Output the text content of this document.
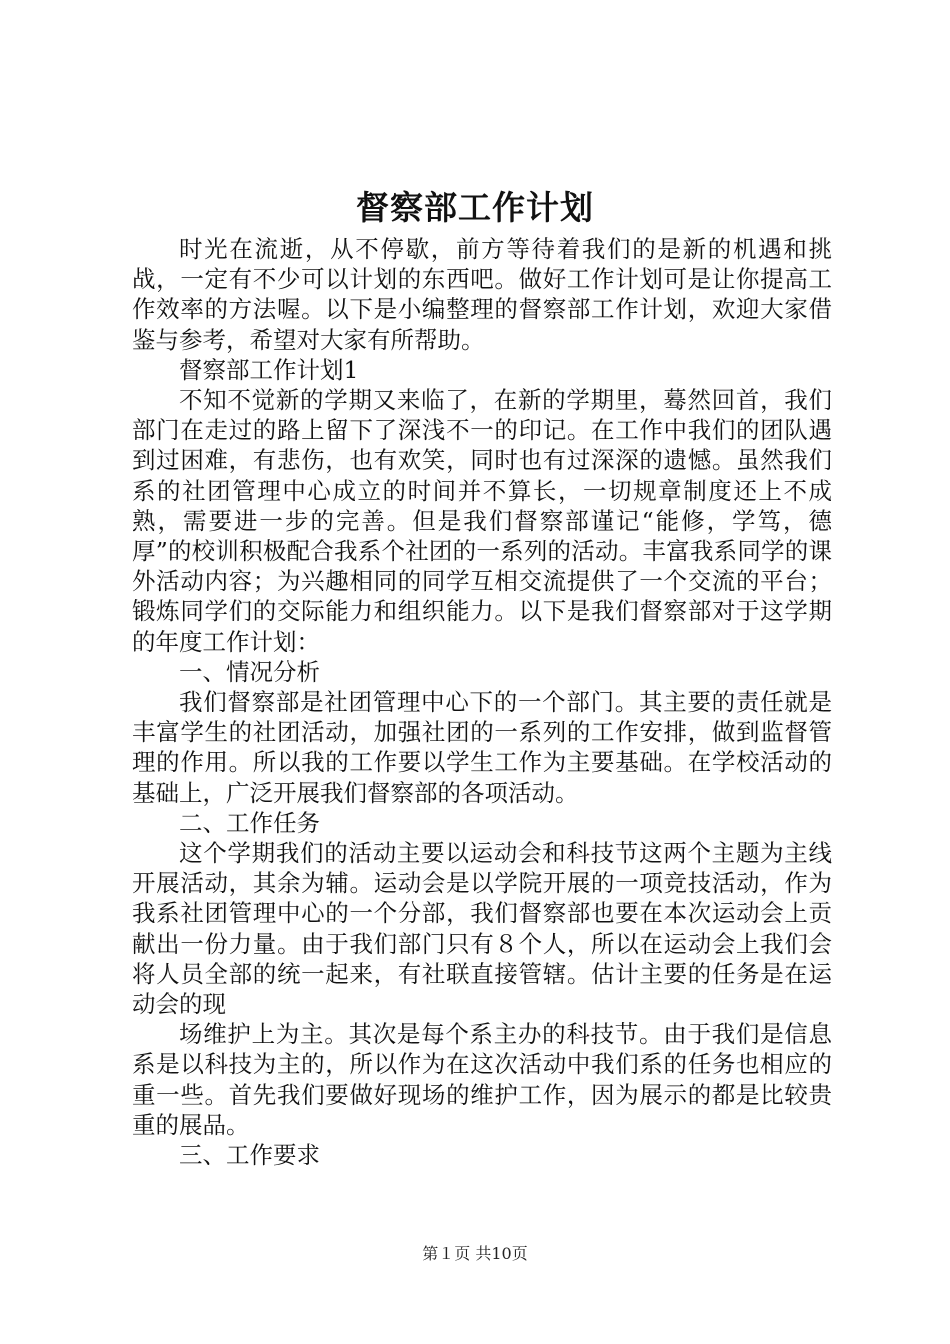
督察部工作计划

时光在流逝，从不停歇，前方等待着我们的是新的机遇和挑战，一定有不少可以计划的东西吧。做好工作计划可是让你提高工作效率的方法喔。以下是小编整理的督察部工作计划，欢迎大家借鉴与参考，希望对大家有所帮助。

督察部工作计划1

不知不觉新的学期又来临了，在新的学期里，蓦然回首，我们部门在走过的路上留下了深浅不一的印记。在工作中我们的团队遇到过困难，有悲伤，也有欢笑，同时也有过深深的遗憾。虽然我们系的社团管理中心成立的时间并不算长，一切规章制度还上不成熟，需要进一步的完善。但是我们督察部谨记“能修，学笃，德厚”的校训积极配合我系个社团的一系列的活动。丰富我系同学的课外活动内容；为兴趣相同的同学互相交流提供了一个交流的平台；锻炼同学们的交际能力和组织能力。以下是我们督察部对于这学期的年度工作计划：

一、情况分析

我们督察部是社团管理中心下的一个部门。其主要的责任就是丰富学生的社团活动，加强社团的一系列的工作安排，做到监督管理的作用。所以我的工作要以学生工作为主要基础。在学校活动的基础上，广泛开展我们督察部的各项活动。

二、工作任务

这个学期我们的活动主要以运动会和科技节这两个主题为主线开展活动，其余为辅。运动会是以学院开展的一项竞技活动，作为我系社团管理中心的一个分部，我们督察部也要在本次运动会上贡献出一份力量。由于我们部门只有８个人，所以在运动会上我们会将人员全部的统一起来，有社联直接管辖。估计主要的任务是在运动会的现

场维护上为主。其次是每个系主办的科技节。由于我们是信息系是以科技为主的，所以作为在这次活动中我们系的任务也相应的重一些。首先我们要做好现场的维护工作，因为展示的都是比较贵重的展品。

三、工作要求

第１页 共10页
